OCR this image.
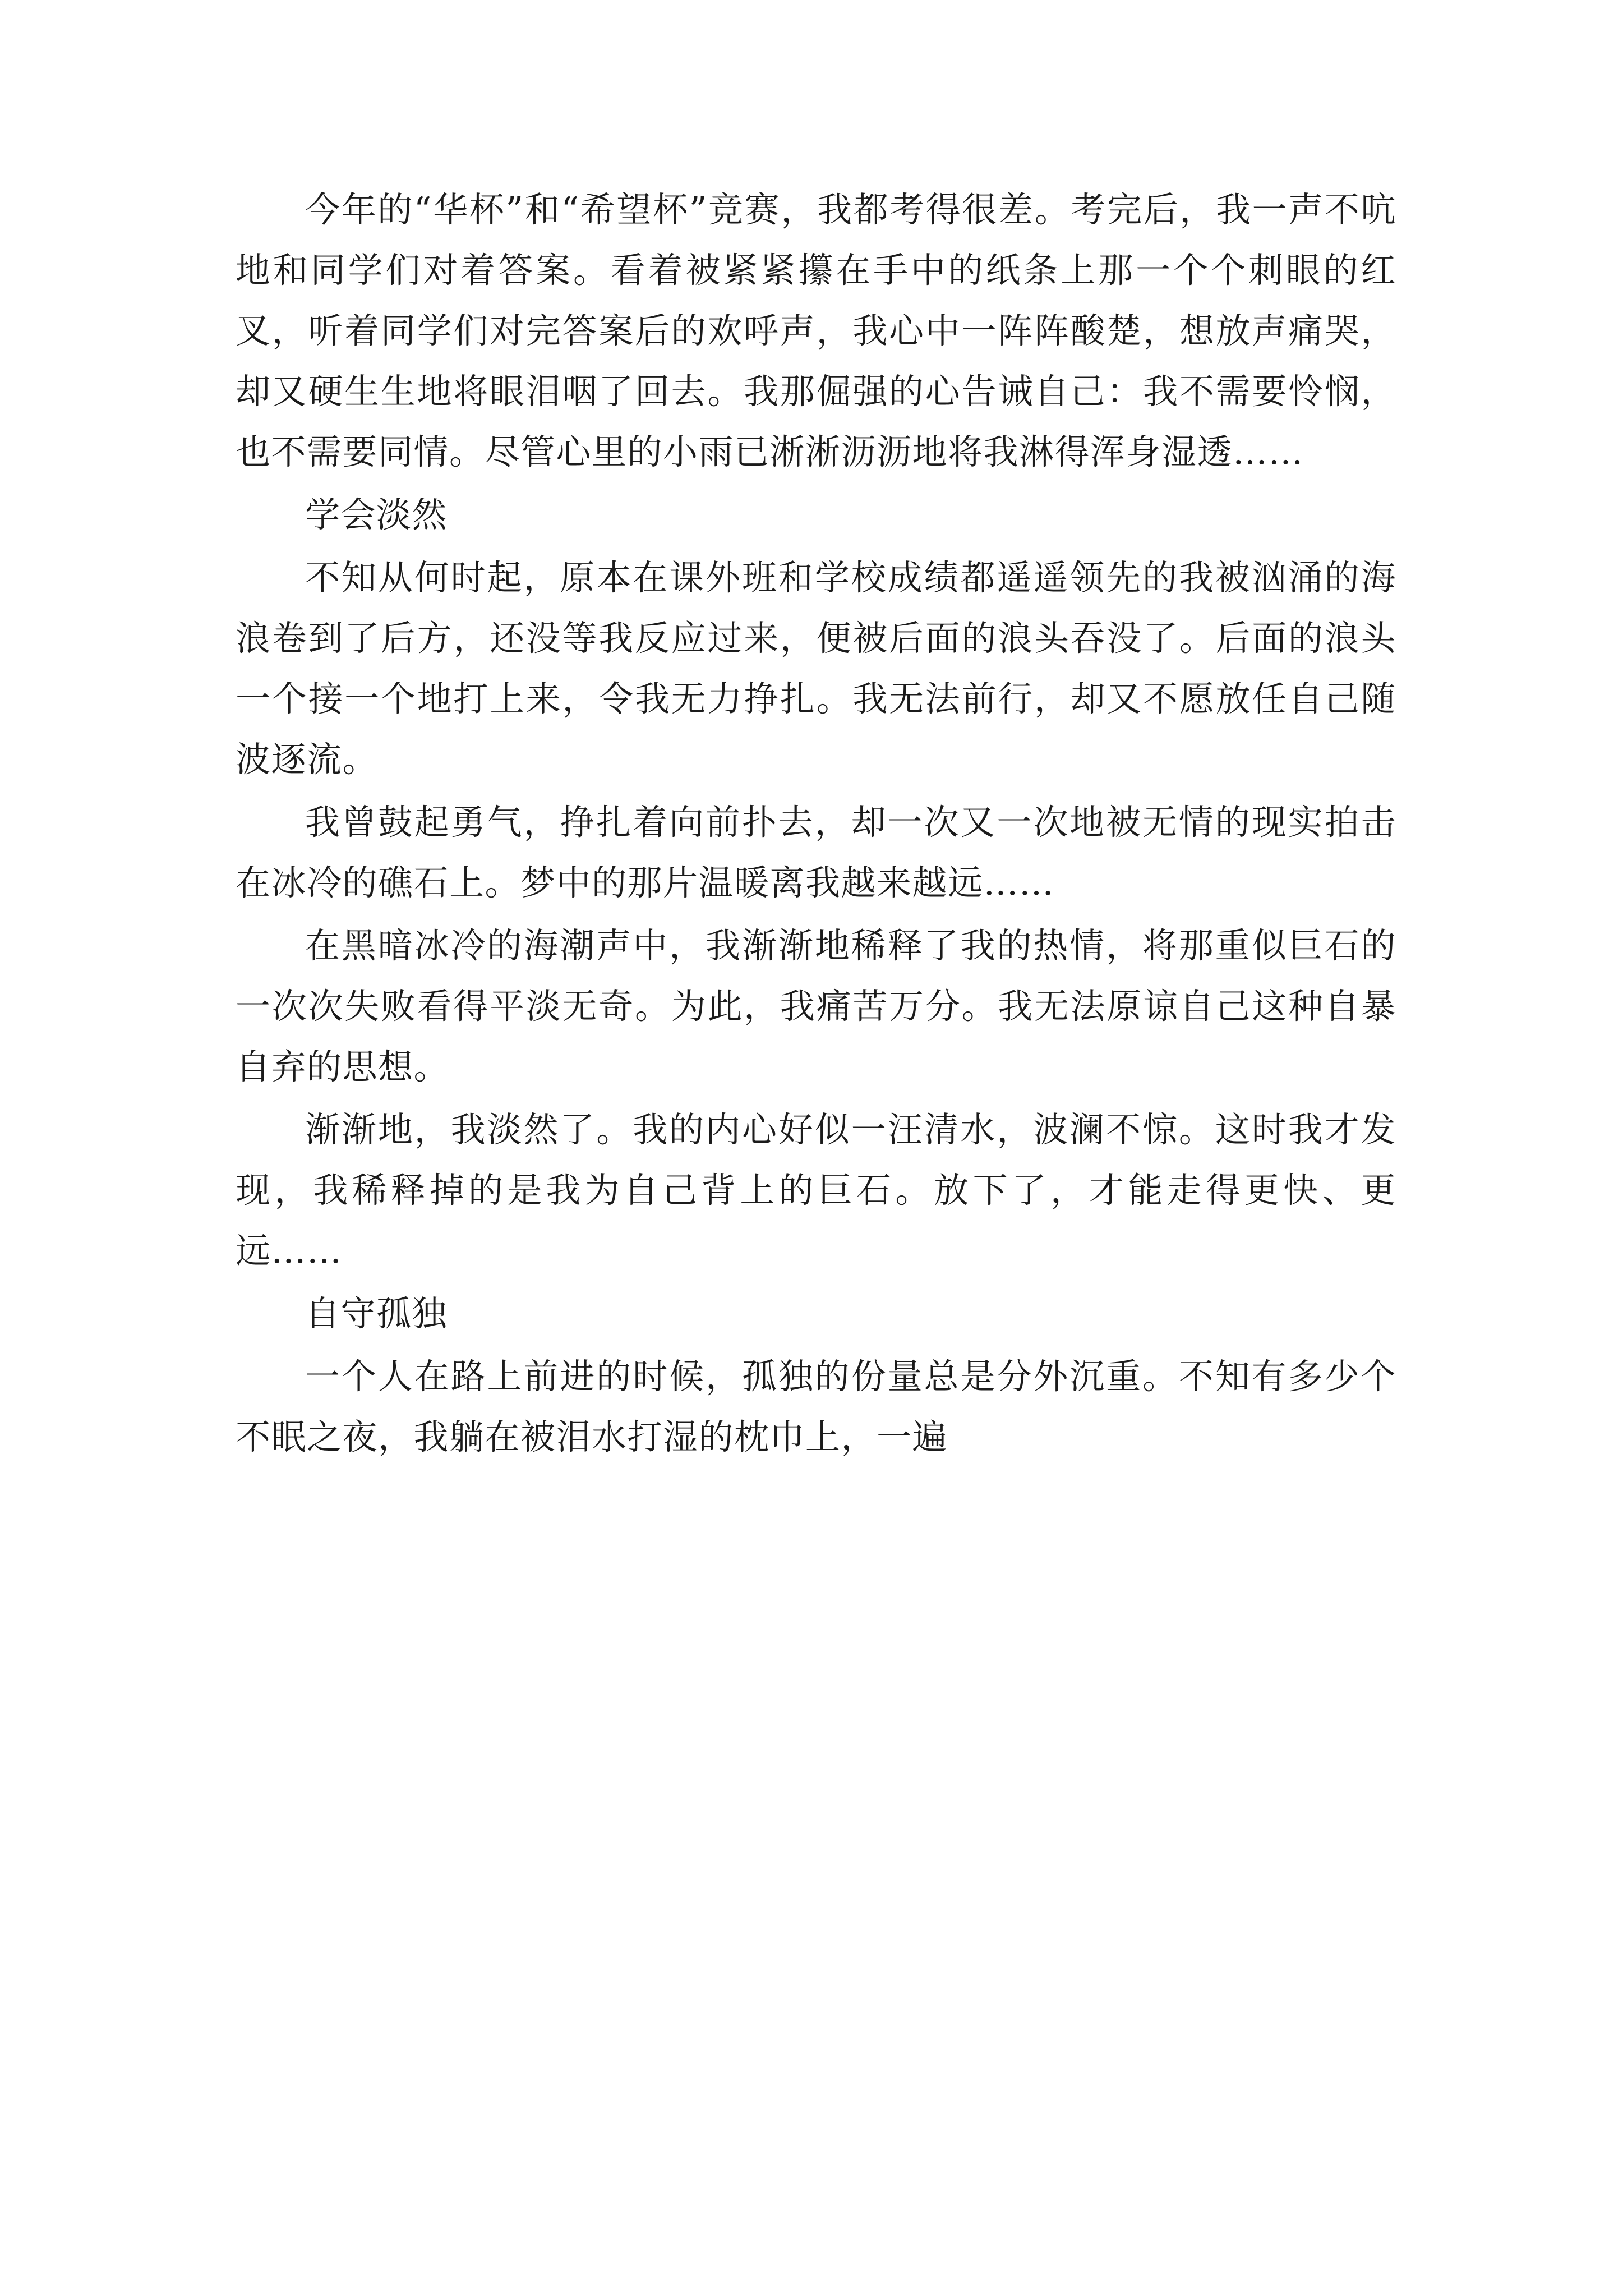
今年的“华杯”和“希望杯”竞赛，我都考得很差。考完后，我一声不吭地和同学们对着答案。看着被紧紧攥在手中的纸条上那一个个刺眼的红叉，听着同学们对完答案后的欢呼声，我心中一阵阵酸楚，想放声痛哭，却又硬生生地将眼泪咽了回去。我那倔强的心告诫自己：我不需要怜悯，也不需要同情。尽管心里的小雨已淅淅沥沥地将我淋得浑身湿透……

学会淡然

不知从何时起，原本在课外班和学校成绩都遥遥领先的我被汹涌的海浪卷到了后方，还没等我反应过来，便被后面的浪头吞没了。后面的浪头一个接一个地打上来，令我无力挣扎。我无法前行，却又不愿放任自己随波逐流。

我曾鼓起勇气，挣扎着向前扑去，却一次又一次地被无情的现实拍击在冰冷的礁石上。梦中的那片温暖离我越来越远……

在黑暗冰冷的海潮声中，我渐渐地稀释了我的热情，将那重似巨石的一次次失败看得平淡无奇。为此，我痛苦万分。我无法原谅自己这种自暴自弃的思想。

渐渐地，我淡然了。我的内心好似一汪清水，波澜不惊。这时我才发现，我稀释掉的是我为自己背上的巨石。放下了，才能走得更快、更远……

自守孤独

一个人在路上前进的时候，孤独的份量总是分外沉重。不知有多少个不眠之夜，我躺在被泪水打湿的枕巾上，一遍
